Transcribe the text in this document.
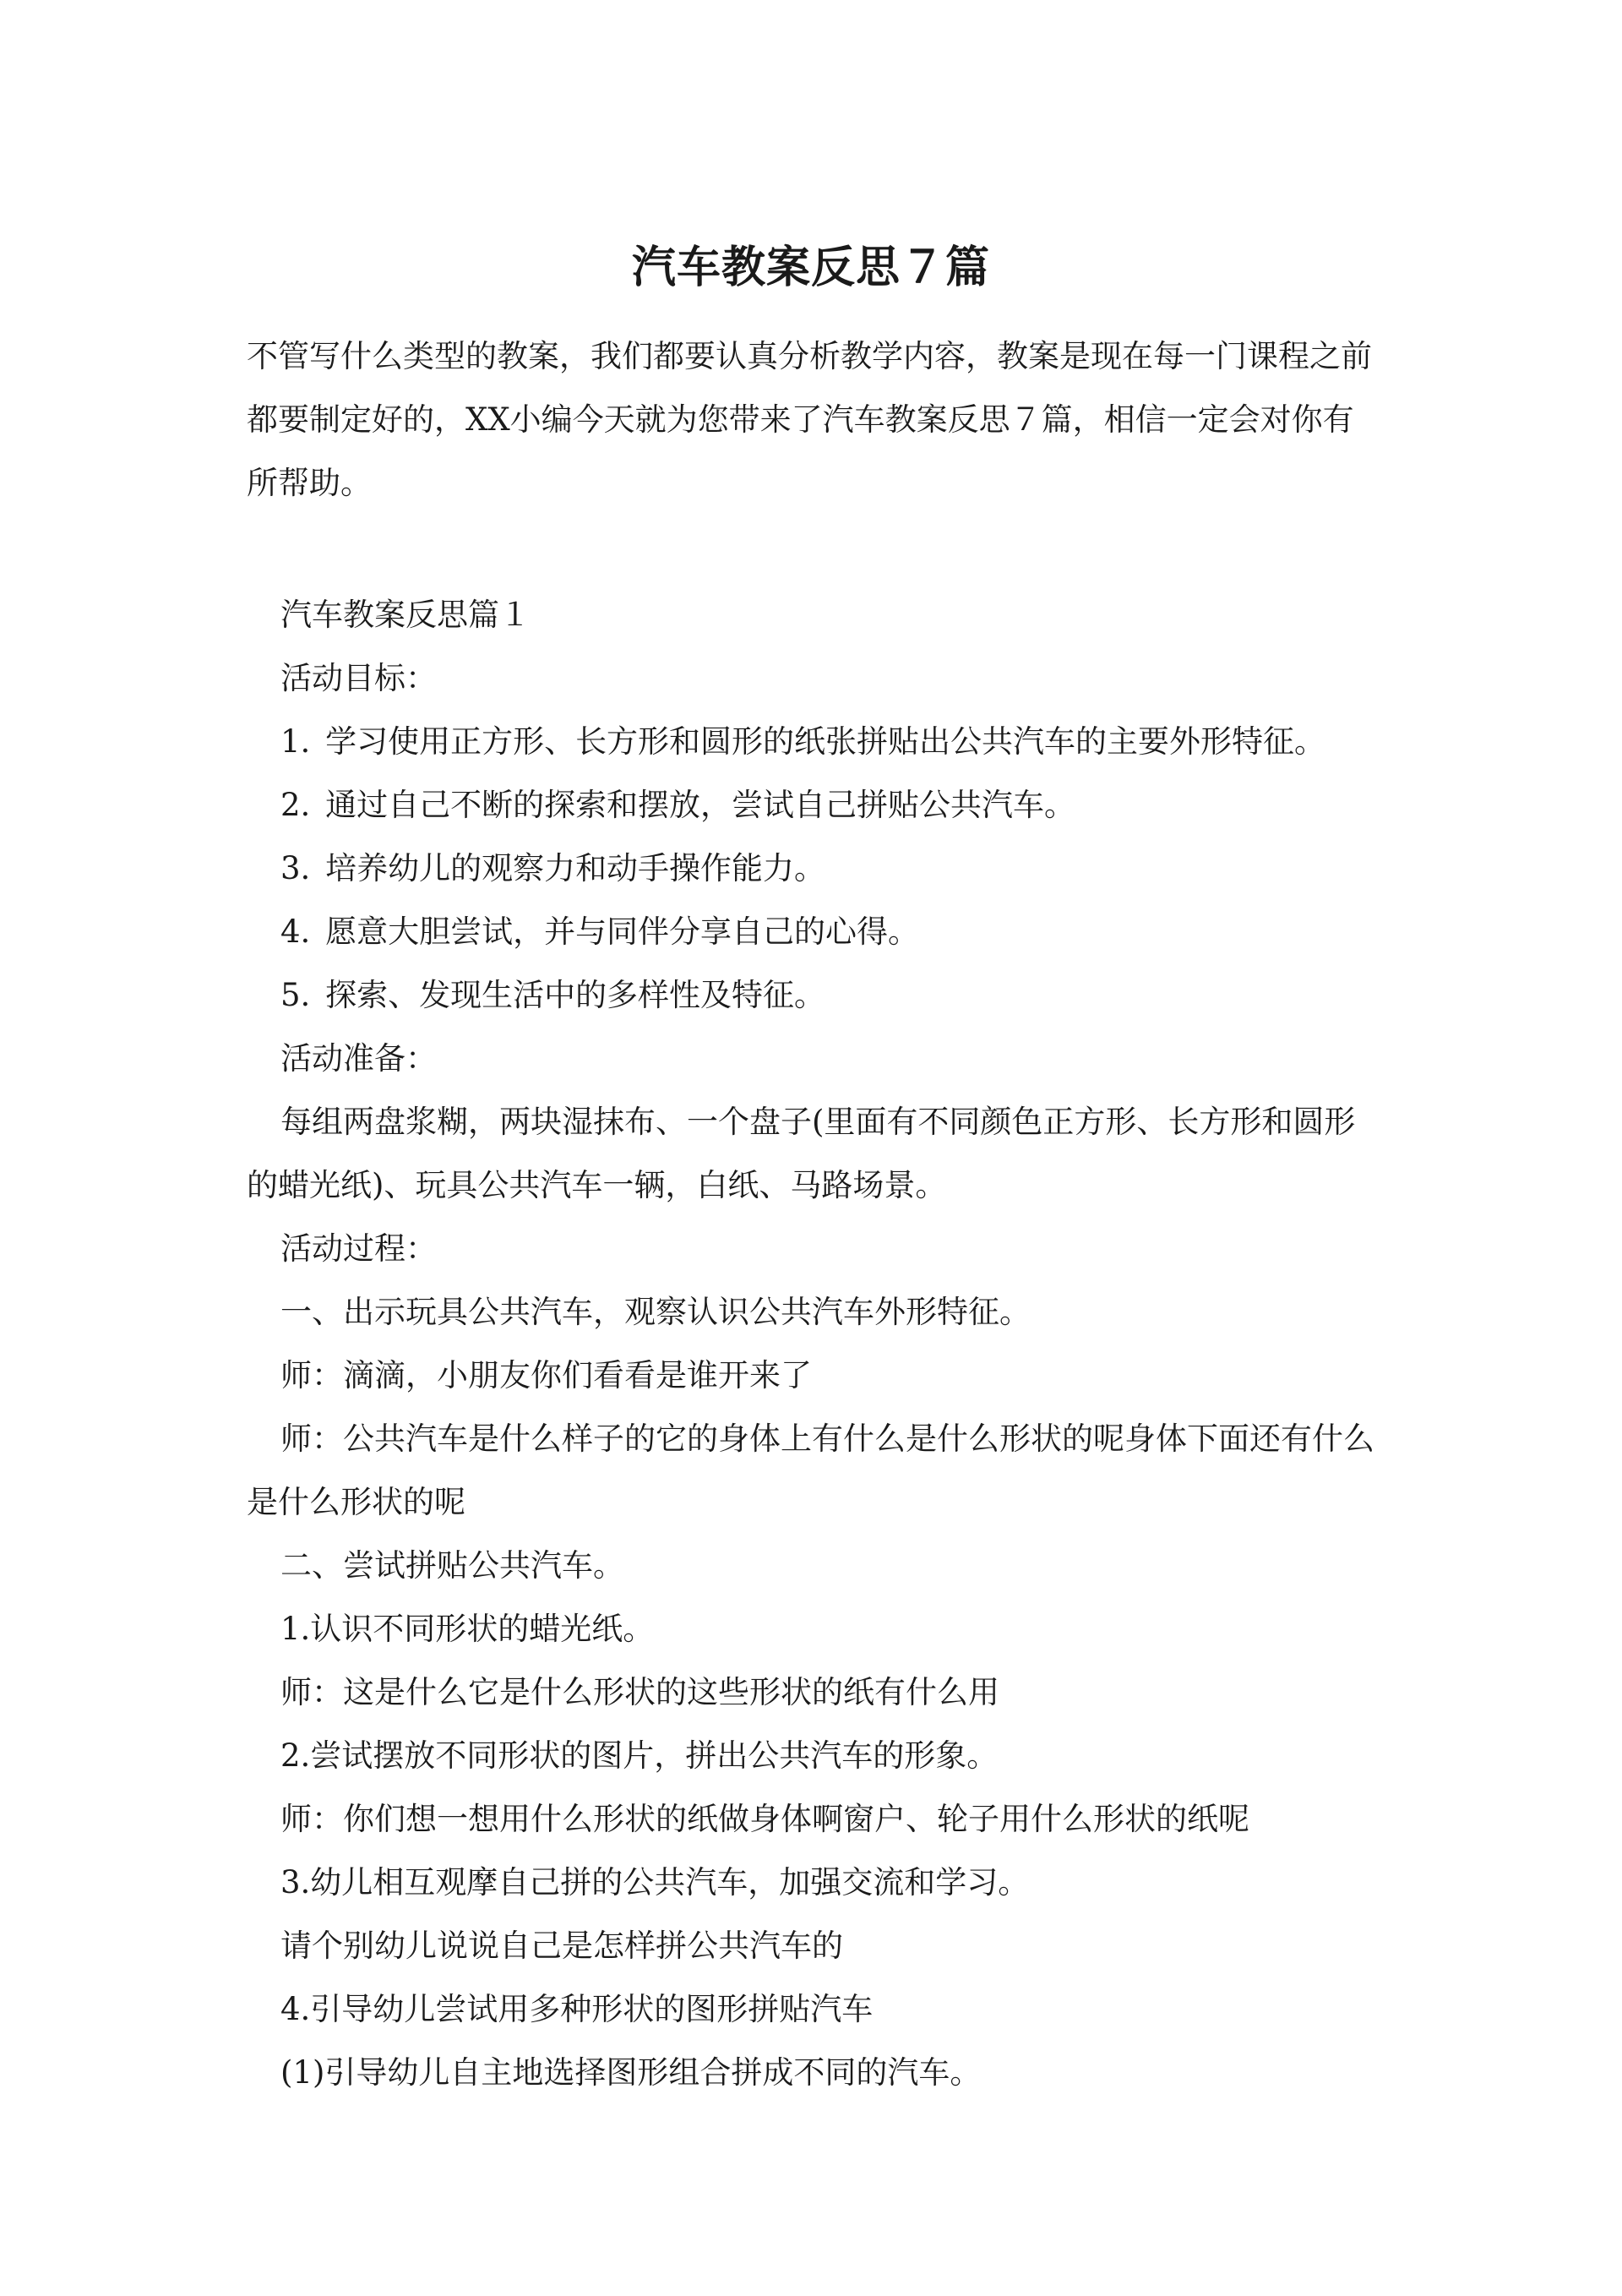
汽车教案反思７篇

不管写什么类型的教案，我们都要认真分析教学内容，教案是现在每一门课程之前都要制定好的，XX小编今天就为您带来了汽车教案反思７篇，相信一定会对你有所帮助。

汽车教案反思篇１

活动目标：

1. 学习使用正方形、长方形和圆形的纸张拼贴出公共汽车的主要外形特征。

2. 通过自己不断的探索和摆放，尝试自己拼贴公共汽车。

3. 培养幼儿的观察力和动手操作能力。

4. 愿意大胆尝试，并与同伴分享自己的心得。

5. 探索、发现生活中的多样性及特征。

活动准备：

每组两盘浆糊，两块湿抹布、一个盘子(里面有不同颜色正方形、长方形和圆形的蜡光纸)、玩具公共汽车一辆，白纸、马路场景。

活动过程：

一、出示玩具公共汽车，观察认识公共汽车外形特征。

师：滴滴，小朋友你们看看是谁开来了

师：公共汽车是什么样子的它的身体上有什么是什么形状的呢身体下面还有什么是什么形状的呢

二、尝试拼贴公共汽车。

1.认识不同形状的蜡光纸。

师：这是什么它是什么形状的这些形状的纸有什么用

2.尝试摆放不同形状的图片，拼出公共汽车的形象。

师：你们想一想用什么形状的纸做身体啊窗户、轮子用什么形状的纸呢

3.幼儿相互观摩自己拼的公共汽车，加强交流和学习。

请个别幼儿说说自己是怎样拼公共汽车的

4.引导幼儿尝试用多种形状的图形拼贴汽车

(1)引导幼儿自主地选择图形组合拼成不同的汽车。
